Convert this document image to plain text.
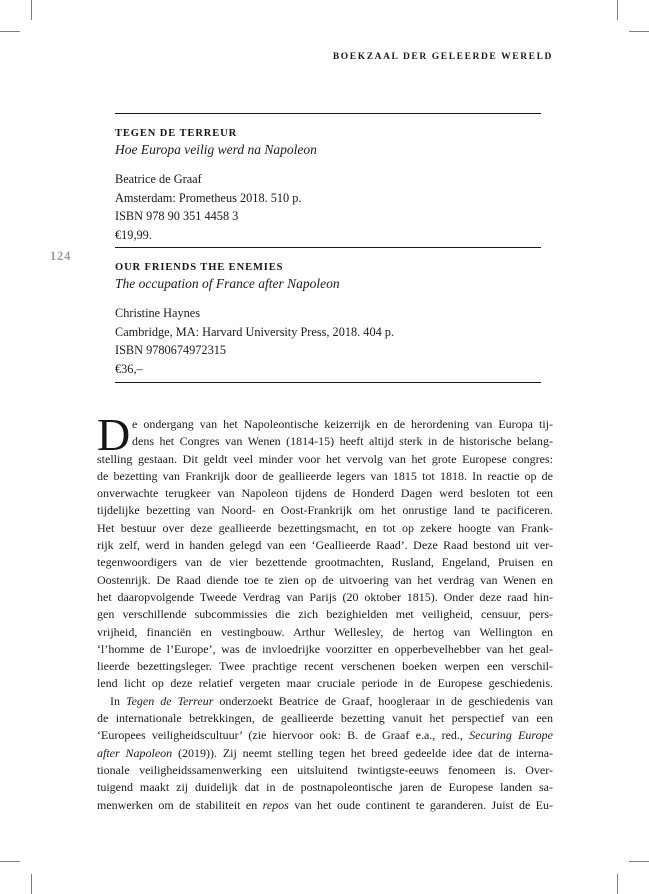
BOEKZAAL DER GELEERDE WERELD
124
TEGEN DE TERREUR
Hoe Europa veilig werd na Napoleon
Beatrice de Graaf
Amsterdam: Prometheus 2018. 510 p.
ISBN 978 90 351 4458 3
€19,99.
OUR FRIENDS THE ENEMIES
The occupation of France after Napoleon
Christine Haynes
Cambridge, MA: Harvard University Press, 2018. 404 p.
ISBN 9780674972315
€36,–
D e ondergang van het Napoleontische keizerrijk en de herordening van Europa tij-
dens het Congres van Wenen (1814-15) heeft altijd sterk in de historische belang-
stelling gestaan. Dit geldt veel minder voor het vervolg van het grote Europese congres:
de bezetting van Frankrijk door de geallieerde legers van 1815 tot 1818. In reactie op de
onverwachte terugkeer van Napoleon tijdens de Honderd Dagen werd besloten tot een
tijdelijke bezetting van Noord- en Oost-Frankrijk om het onrustige land te pacificeren.
Het bestuur over deze geallieerde bezettingsmacht, en tot op zekere hoogte van Frank-
rijk zelf, werd in handen gelegd van een ‘Geallieerde Raad’. Deze Raad bestond uit ver-
tegenwoordigers van de vier bezettende grootmachten, Rusland, Engeland, Pruisen en
Oostenrijk. De Raad diende toe te zien op de uitvoering van het verdrag van Wenen en
het daaropvolgende Tweede Verdrag van Parijs (20 oktober 1815). Onder deze raad hin-
gen verschillende subcommissies die zich bezighielden met veiligheid, censuur, pers-
vrijheid, financiën en vestingbouw. Arthur Wellesley, de hertog van Wellington en
‘l’homme de l’Europe’, was de invloedrijke voorzitter en opperbevelhebber van het geal-
lieerde bezettingsleger. Twee prachtige recent verschenen boeken werpen een verschil-
lend licht op deze relatief vergeten maar cruciale periode in de Europese geschiedenis.
In Tegen de Terreur onderzoekt Beatrice de Graaf, hoogleraar in de geschiedenis van
de internationale betrekkingen, de geallieerde bezetting vanuit het perspectief van een
‘Europees veiligheidscultuur’ (zie hiervoor ook: B. de Graaf e.a., red., Securing Europe
after Napoleon (2019)). Zij neemt stelling tegen het breed gedeelde idee dat de interna-
tionale veiligheidssamenwerking een uitsluitend twintigste-eeuws fenomeen is. Over-
tuigend maakt zij duidelijk dat in de postnapoleontische jaren de Europese landen sa-
menwerken om de stabiliteit en repos van het oude continent te garanderen. Juist de Eu-
